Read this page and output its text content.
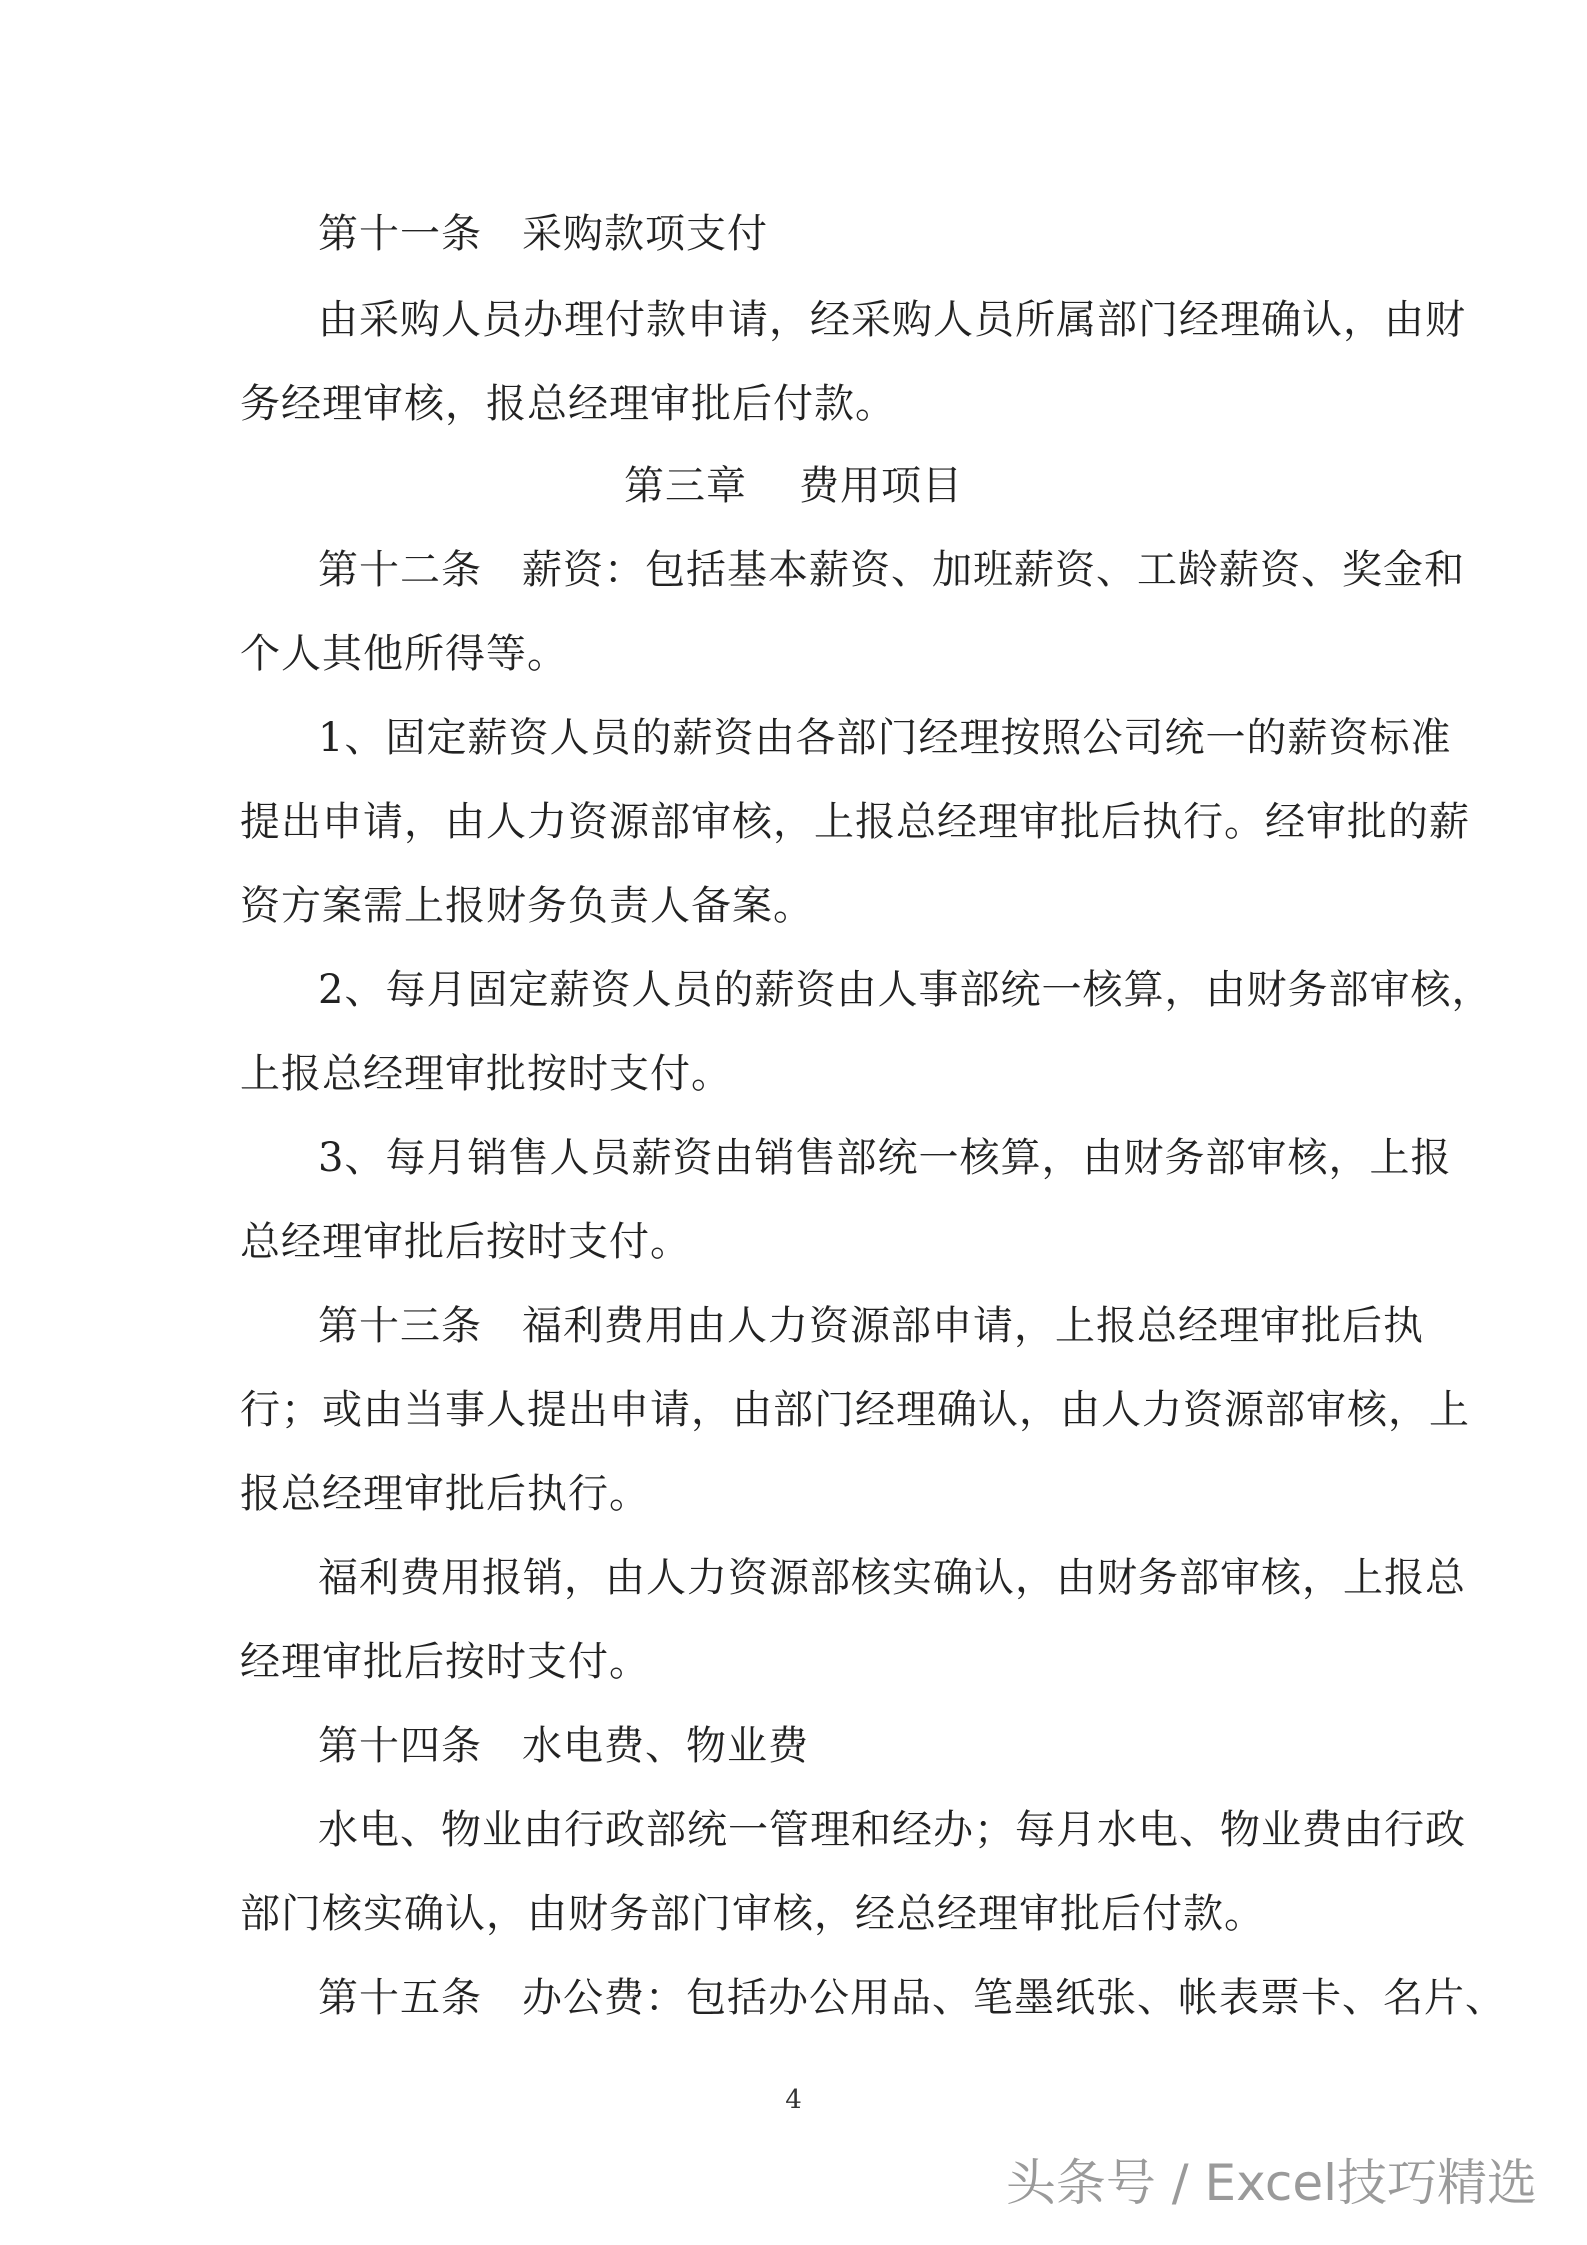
第十一条 采购款项支付
由采购人员办理付款申请，经采购人员所属部门经理确认，由财
务经理审核，报总经理审批后付款。
第三章 费用项目
第十二条 薪资：包括基本薪资、加班薪资、工龄薪资、奖金和
个人其他所得等。
1、固定薪资人员的薪资由各部门经理按照公司统一的薪资标准
提出申请，由人力资源部审核，上报总经理审批后执行。经审批的薪
资方案需上报财务负责人备案。
2、每月固定薪资人员的薪资由人事部统一核算，由财务部审核，
上报总经理审批按时支付。
3、每月销售人员薪资由销售部统一核算，由财务部审核，上报
总经理审批后按时支付。
第十三条 福利费用由人力资源部申请，上报总经理审批后执
行；或由当事人提出申请，由部门经理确认，由人力资源部审核，上
报总经理审批后执行。
福利费用报销，由人力资源部核实确认，由财务部审核，上报总
经理审批后按时支付。
第十四条 水电费、物业费
水电、物业由行政部统一管理和经办；每月水电、物业费由行政
部门核实确认，由财务部门审核，经总经理审批后付款。
第十五条 办公费：包括办公用品、笔墨纸张、帐表票卡、名片、
4
头条号 / Excel技巧精选
